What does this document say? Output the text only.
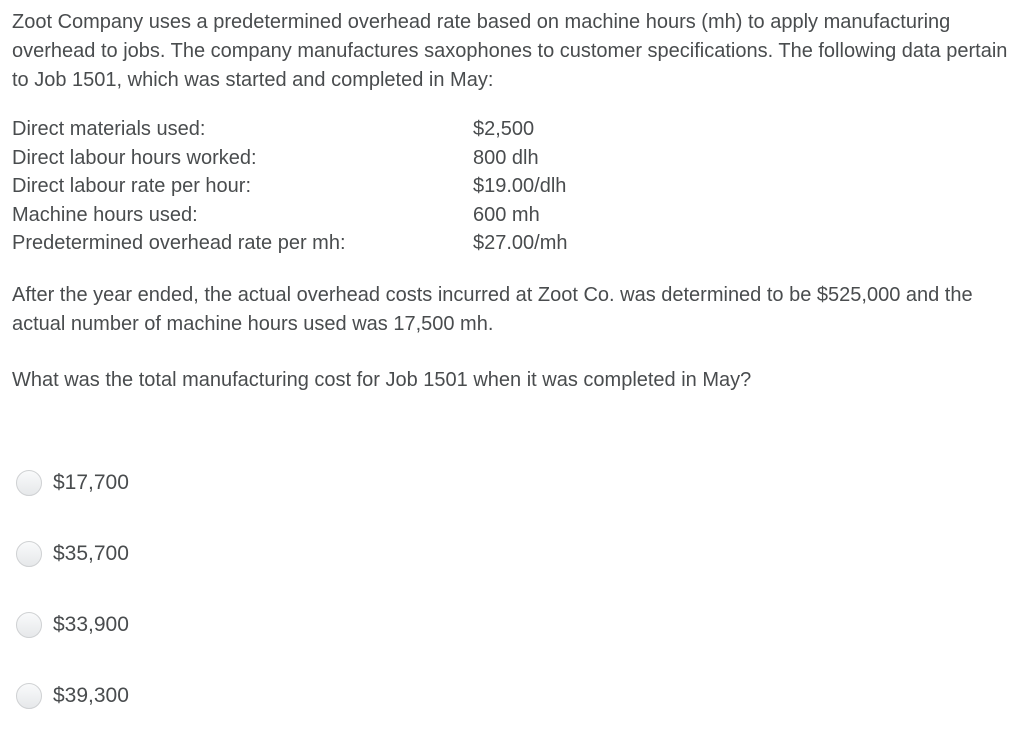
Zoot Company uses a predetermined overhead rate based on machine hours (mh) to apply manufacturing overhead to jobs. The company manufactures saxophones to customer specifications. The following data pertain to Job 1501, which was started and completed in May:

Direct materials used:	$2,500
Direct labour hours worked:	800 dlh
Direct labour rate per hour:	$19.00/dlh
Machine hours used:	600 mh
Predetermined overhead rate per mh:	$27.00/mh

After the year ended, the actual overhead costs incurred at Zoot Co. was determined to be $525,000 and the actual number of machine hours used was 17,500 mh.

What was the total manufacturing cost for Job 1501 when it was completed in May?

$17,700
$35,700
$33,900
$39,300
